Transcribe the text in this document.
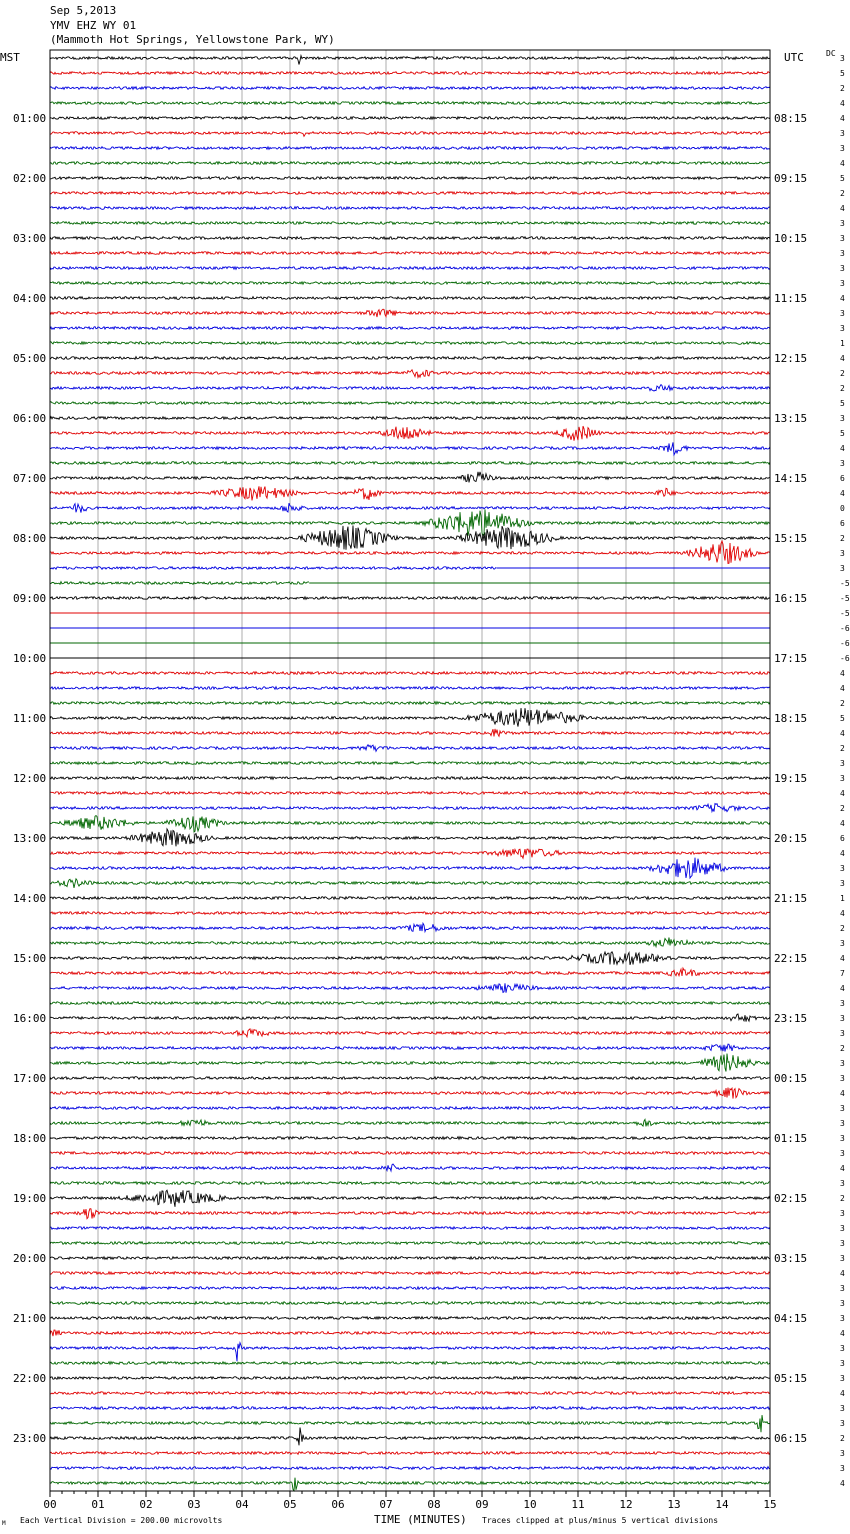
Sep 5,2013
YMV EHZ WY 01
(Mammoth Hot Springs, Yellowstone Park, WY)
01:00
02:00
03:00
04:00
05:00
06:00
07:00
08:00
09:00
10:00
11:00
12:00
13:00
14:00
15:00
16:00
17:00
18:00
19:00
20:00
21:00
22:00
23:00
08:15
09:15
10:15
11:15
12:15
13:15
14:15
15:15
16:15
17:15
18:15
19:15
20:15
21:15
22:15
23:15
00:15
01:15
02:15
03:15
04:15
05:15
06:15
3
5
2
4
4
3
3
4
5
2
4
3
3
3
3
3
4
3
3
1
4
2
2
5
3
5
4
3
6
4
0
6
2
3
3
-5
-5
-5
-6
-6
-6
4
4
2
5
4
2
3
3
4
2
4
6
4
3
3
1
4
2
3
4
7
4
3
3
3
2
3
3
4
3
3
3
3
4
3
2
3
3
3
3
4
3
3
3
4
3
3
3
4
3
3
2
3
3
4
00	01	02	03	04	05	06	07	08	09	10	11	12	13	14	15
MST	UTC	DC
TIME (MINUTES)
Each Vertical Division = 200.00 microvolts	Traces clipped at plus/minus 5 vertical divisions
M
